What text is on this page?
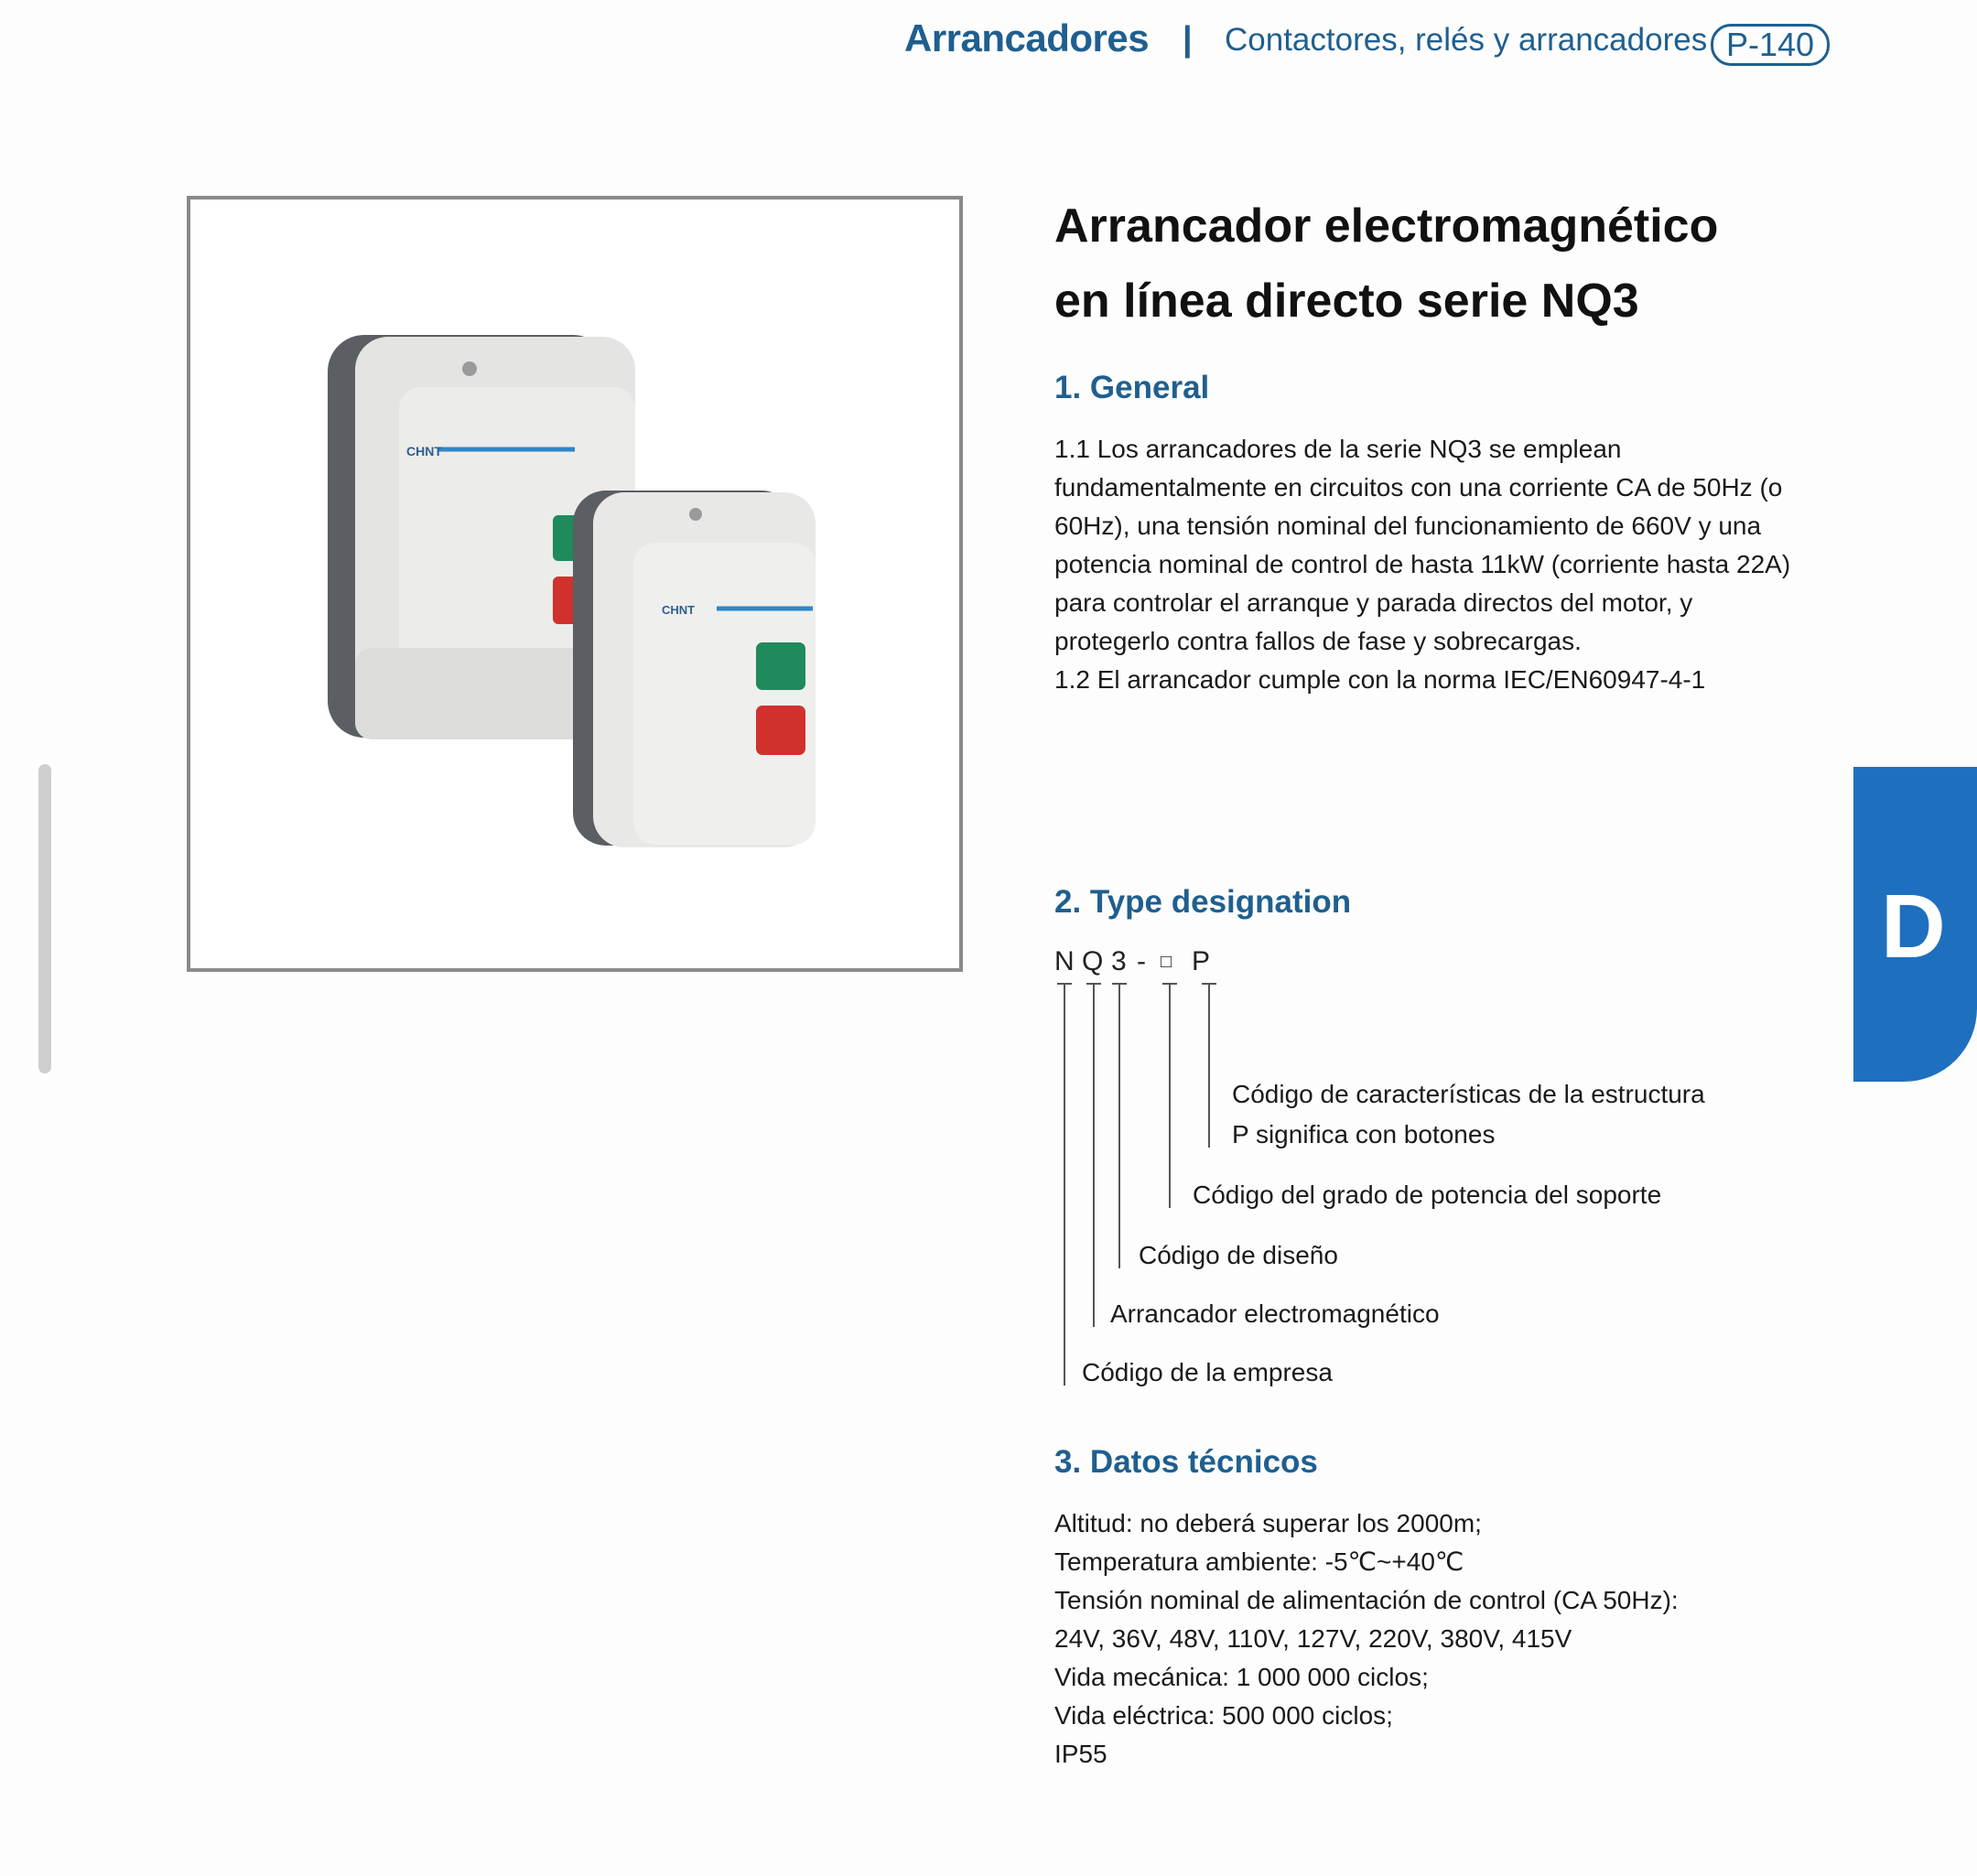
Arrancadores | Contactores, relés y arrancadores P-140
CHNT
CHNT
D
Arrancador electromagnético
en línea directo serie NQ3
1. General
1.1 Los arrancadores de la serie NQ3 se emplean
fundamentalmente en circuitos con una corriente CA de 50Hz (o
60Hz), una tensión nominal del funcionamiento de 660V y una
potencia nominal de control de hasta 11kW (corriente hasta 22A)
para controlar el arranque y parada directos del motor, y
protegerlo contra fallos de fase y sobrecargas.
1.2 El arrancador cumple con la norma IEC/EN60947-4-1
2. Type designation
N Q 3 - □ P
Código de características de la estructura
P significa con botones
Código del grado de potencia del soporte
Código de diseño
Arrancador electromagnético
Código de la empresa
3. Datos técnicos
Altitud: no deberá superar los 2000m;
Temperatura ambiente: -5℃~+40℃
Tensión nominal de alimentación de control (CA 50Hz):
24V, 36V, 48V, 110V, 127V, 220V, 380V, 415V
Vida mecánica: 1 000 000 ciclos;
Vida eléctrica: 500 000 ciclos;
IP55
